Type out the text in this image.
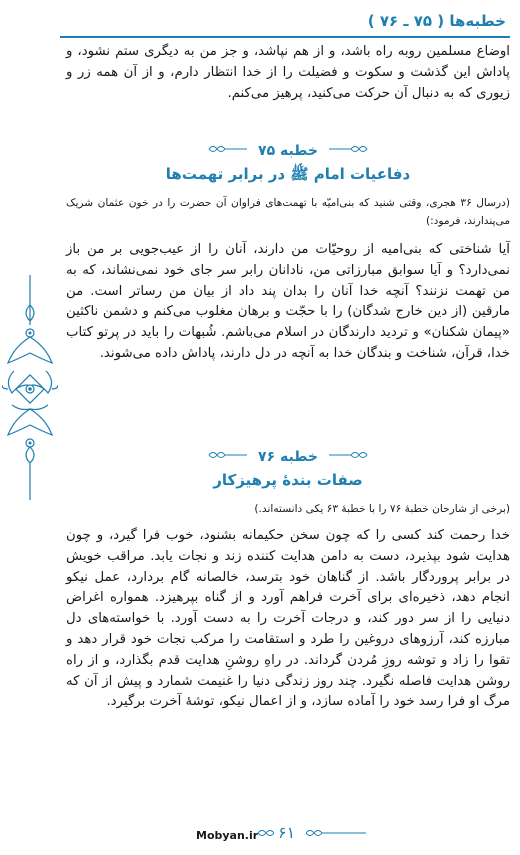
خطبه‌ها ( ۷۵ ـ ۷۶ )

اوضاع مسلمین روبه راه باشد، و از هم نپاشد، و جز من به دیگری ستم نشود، و پاداش این گذشت و سکوت و فضیلت را از خدا انتظار دارم، و از آن همه زر و زیوری که به دنبال آن حرکت می‌کنید، پرهیز می‌کنم.

خطبه ۷۵
دفاعیات امام ﷺ در برابر تهمت‌ها

(درسال ۳۶ هجری، وقتی شنید که بنی‌امیّه با تهمت‌های فراوان آن حضرت را در خون عثمان شریک می‌پندارند، فرمود:)

آیا شناختی که بنی‌امیه از روحیّات من دارند، آنان را از عیب‌جویی بر من باز نمی‌دارد؟ و آیا سوابق مبارزاتی من، نادانان رابر سر جای خود نمی‌نشاند، که به من تهمت نزنند؟ آنچه خدا آنان را بدان پند داد از بیان من رساتر است. من مارقین (از دین خارج شدگان) را با حجّت و برهان مغلوب می‌کنم و دشمن ناکثین «پیمان شکنان» و تردید دارندگان در اسلام می‌باشم. شُبهات را باید در پرتو کتاب خدا، قرآن، شناخت و بندگان خدا به آنچه در دل دارند، پاداش داده می‌شوند.

خطبه ۷۶
صفات بندهٔ پرهیزکار

(برخی از شارحان خطبهٔ ۷۶ را با خطبهٔ ۶۳ یکی دانسته‌اند.)

خدا رحمت کند کسی را که چون سخن حکیمانه بشنود، خوب فرا گیرد، و چون هدایت شود بپذیرد، دست به دامن هدایت کننده زند و نجات یابد. مراقب خویش در برابر پروردگار باشد. از گناهان خود بترسد، خالصانه گام بردارد، عمل نیکو انجام دهد، ذخیره‌ای برای آخرت فراهم آورد و از گناه بپرهیزد. همواره اغراض دنیایی را از سر دور کند، و درجات آخرت را به دست آورد. با خواسته‌های دل مبارزه کند، آرزوهای دروغین را طرد و استقامت را مرکب نجات خود قرار دهد و تقوا را زاد و توشه روزِ مُردن گرداند. در راهِ روشنِ هدایت قدم بگذارد، و از راه روشن هدایت فاصله نگیرد. چند روز زندگی دنیا را غنیمت شمارد و پیش از آن که مرگ او فرا رسد خود را آماده سازد، و از اعمال نیکو، توشهٔ آخرت برگیرد.

Mobyan.ir ۶۱
